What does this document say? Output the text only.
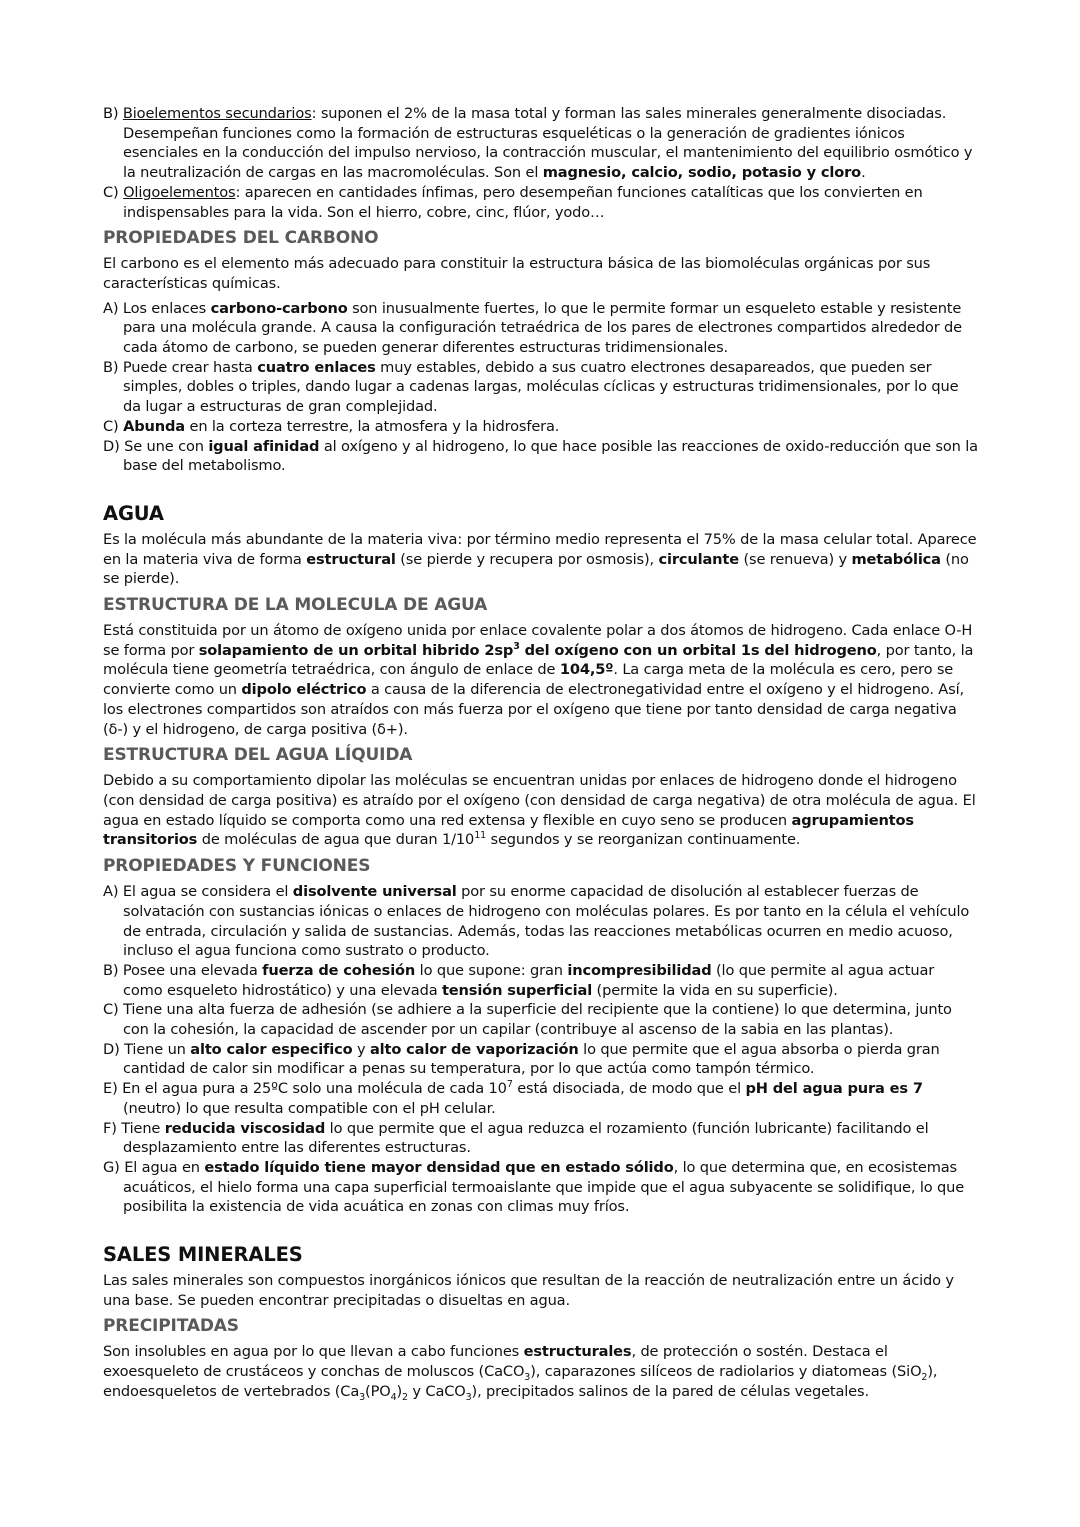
B) Bioelementos secundarios: suponen el 2% de la masa total y forman las sales minerales generalmente disociadas. Desempeñan funciones como la formación de estructuras esqueléticas o la generación de gradientes iónicos esenciales en la conducción del impulso nervioso, la contracción muscular, el mantenimiento del equilibrio osmótico y la neutralización de cargas en las macromoléculas. Son el magnesio, calcio, sodio, potasio y cloro.
C) Oligoelementos: aparecen en cantidades ínfimas, pero desempeñan funciones catalíticas que los convierten en indispensables para la vida. Son el hierro, cobre, cinc, flúor, yodo…
PROPIEDADES DEL CARBONO

El carbono es el elemento más adecuado para constituir la estructura básica de las biomoléculas orgánicas por sus características químicas.

A) Los enlaces carbono-carbono son inusualmente fuertes, lo que le permite formar un esqueleto estable y resistente para una molécula grande. A causa la configuración tetraédrica de los pares de electrones compartidos alrededor de cada átomo de carbono, se pueden generar diferentes estructuras tridimensionales.
B) Puede crear hasta cuatro enlaces muy estables, debido a sus cuatro electrones desapareados, que pueden ser simples, dobles o triples, dando lugar a cadenas largas, moléculas cíclicas y estructuras tridimensionales, por lo que da lugar a estructuras de gran complejidad.
C) Abunda en la corteza terrestre, la atmosfera y la hidrosfera.
D) Se une con igual afinidad al oxígeno y al hidrogeno, lo que hace posible las reacciones de oxido-reducción que son la base del metabolismo.
AGUA

Es la molécula más abundante de la materia viva: por término medio representa el 75% de la masa celular total. Aparece en la materia viva de forma estructural (se pierde y recupera por osmosis), circulante (se renueva) y metabólica (no se pierde).

ESTRUCTURA DE LA MOLECULA DE AGUA

Está constituida por un átomo de oxígeno unida por enlace covalente polar a dos átomos de hidrogeno. Cada enlace O-H se forma por solapamiento de un orbital hibrido $2sp^3$ del oxígeno con un orbital 1s del hidrogeno, por tanto, la molécula tiene geometría tetraédrica, con ángulo de enlace de 104,5º. La carga meta de la molécula es cero, pero se convierte como un dipolo eléctrico a causa de la diferencia de electronegatividad entre el oxígeno y el hidrogeno. Así, los electrones compartidos son atraídos con más fuerza por el oxígeno que tiene por tanto densidad de carga negativa (δ-) y el hidrogeno, de carga positiva (δ+).

ESTRUCTURA DEL AGUA LÍQUIDA

Debido a su comportamiento dipolar las moléculas se encuentran unidas por enlaces de hidrogeno donde el hidrogeno (con densidad de carga positiva) es atraído por el oxígeno (con densidad de carga negativa) de otra molécula de agua. El agua en estado líquido se comporta como una red extensa y flexible en cuyo seno se producen agrupamientos transitorios de moléculas de agua que duran $1/10^{11}$ segundos y se reorganizan continuamente.

PROPIEDADES Y FUNCIONES
A) El agua se considera el disolvente universal por su enorme capacidad de disolución al establecer fuerzas de solvatación con sustancias iónicas o enlaces de hidrogeno con moléculas polares. Es por tanto en la célula el vehículo de entrada, circulación y salida de sustancias. Además, todas las reacciones metabólicas ocurren en medio acuoso, incluso el agua funciona como sustrato o producto.
B) Posee una elevada fuerza de cohesión lo que supone: gran incompresibilidad (lo que permite al agua actuar como esqueleto hidrostático) y una elevada tensión superficial (permite la vida en su superficie).
C) Tiene una alta fuerza de adhesión (se adhiere a la superficie del recipiente que la contiene) lo que determina, junto con la cohesión, la capacidad de ascender por un capilar (contribuye al ascenso de la sabia en las plantas).
D) Tiene un alto calor especifico y alto calor de vaporización lo que permite que el agua absorba o pierda gran cantidad de calor sin modificar a penas su temperatura, por lo que actúa como tampón térmico.
E) En el agua pura a 25ºC solo una molécula de cada $10^7$ está disociada, de modo que el pH del agua pura es 7 (neutro) lo que resulta compatible con el pH celular.
F) Tiene reducida viscosidad lo que permite que el agua reduzca el rozamiento (función lubricante) facilitando el desplazamiento entre las diferentes estructuras.
G) El agua en estado líquido tiene mayor densidad que en estado sólido, lo que determina que, en ecosistemas acuáticos, el hielo forma una capa superficial termoaislante que impide que el agua subyacente se solidifique, lo que posibilita la existencia de vida acuática en zonas con climas muy fríos.
SALES MINERALES

Las sales minerales son compuestos inorgánicos iónicos que resultan de la reacción de neutralización entre un ácido y una base. Se pueden encontrar precipitadas o disueltas en agua.

PRECIPITADAS

Son insolubles en agua por lo que llevan a cabo funciones estructurales, de protección o sostén. Destaca el exoesqueleto de crustáceos y conchas de moluscos (CaCO$_3$), caparazones silíceos de radiolarios y diatomeas (SiO$_2$), endoesqueletos de vertebrados ($Ca_3(PO_4)_2$ y CaCO$_3$), precipitados salinos de la pared de células vegetales.
